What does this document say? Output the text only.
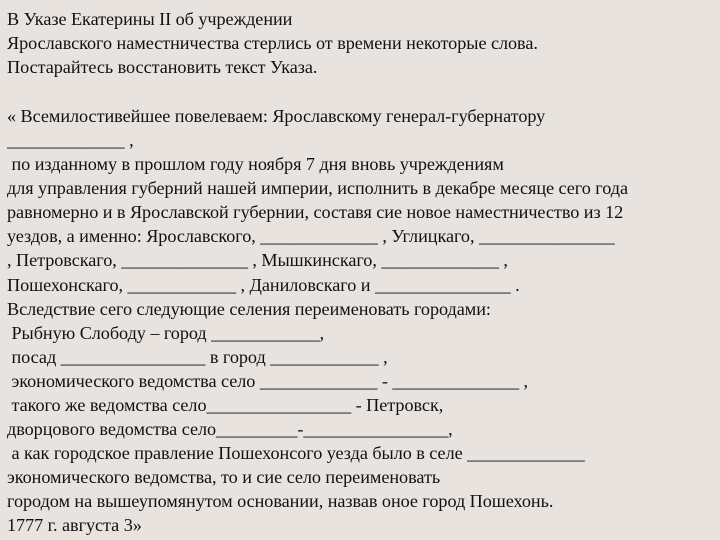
В Указе Екатерины II об учреждении
Ярославского наместничества стерлись от времени некоторые слова.
Постарайтесь восстановить текст Указа.
« Всемилостивейшее повелеваем: Ярославскому генерал-губернатору
_____________ ,
по изданному в прошлом году ноября 7 дня вновь учреждениям
для управления губерний нашей империи, исполнить в декабре месяце сего года
равномерно и в Ярославской губернии, составя сие новое наместничество из 12
уездов, а именно: Ярославского, _____________ , Углицкаго, _______________
, Петровскаго, ______________ , Мышкинскаго, _____________ ,
Пошехонскаго, ____________ , Даниловскаго и _______________ .
Вследствие сего следующие селения переименовать городами:
Рыбную Слободу – город ____________,
посад ________________ в город ____________ ,
экономического ведомства село _____________ - ______________ ,
такого же ведомства село________________ - Петровск,
дворцового ведомства село_________-________________,
а как городское правление Пошехонсого уезда было в селе _____________
экономического ведомства, то и сие село переименовать
городом на вышеупомянутом основании, назвав оное город Пошехонь.
1777 г. августа 3»
